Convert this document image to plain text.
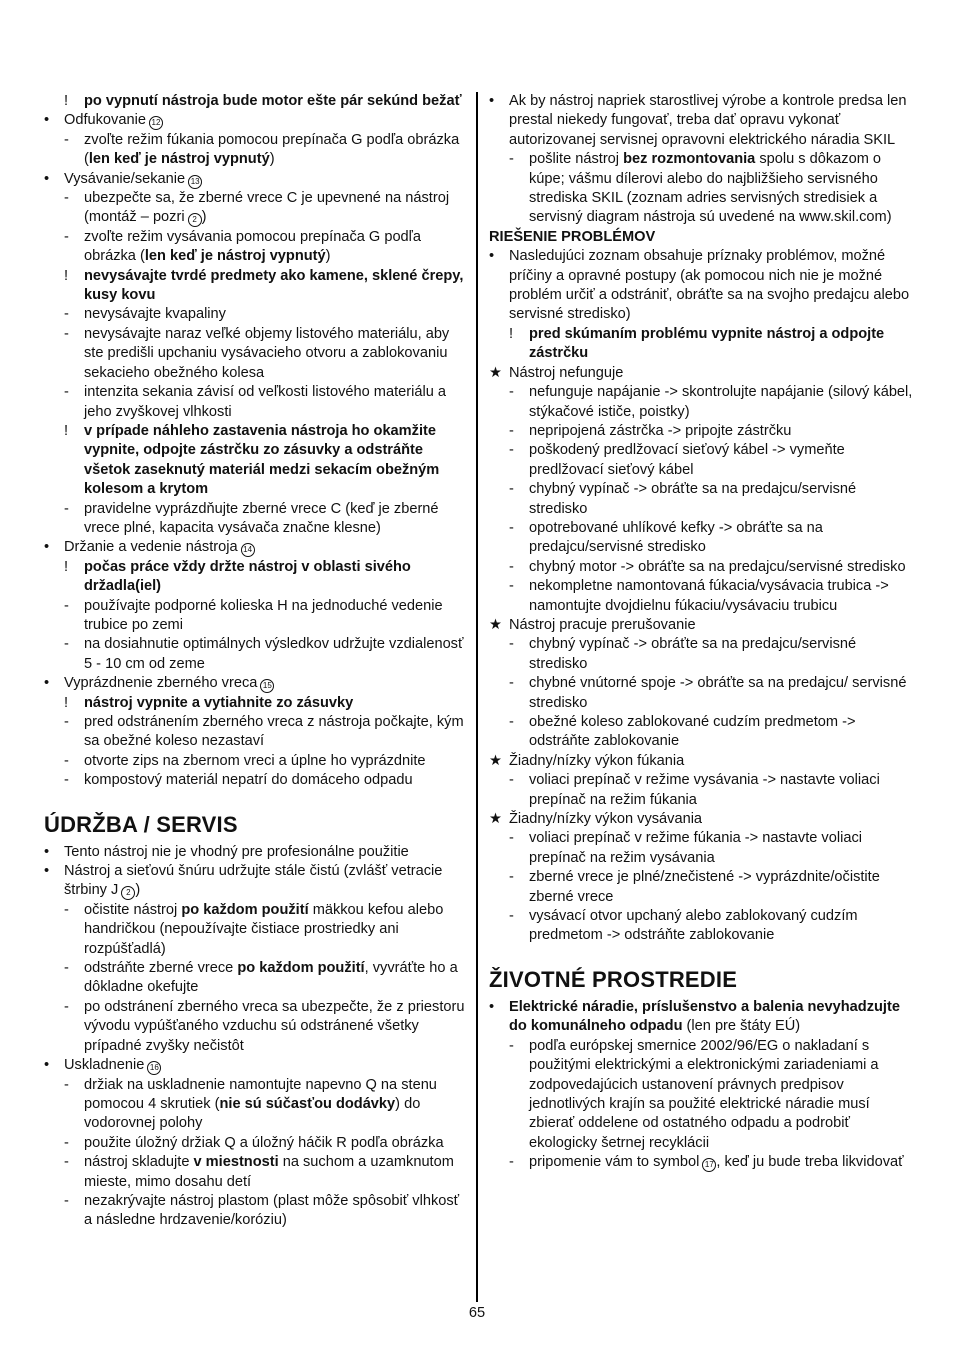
! po vypnutí nástroja bude motor ešte pár sekúnd bežať
• Odfukovanie 12
- zvoľte režim fúkania pomocou prepínača G podľa obrázka (len keď je nástroj vypnutý)
• Vysávanie/sekanie 13
- ubezpečte sa, že zberné vrece C je upevnené na nástroj (montáž – pozri 2 )
- zvoľte režim vysávania pomocou prepínača G podľa obrázka (len keď je nástroj vypnutý)
! nevysávajte tvrdé predmety ako kamene, sklené črepy, kusy kovu
- nevysávajte kvapaliny
- nevysávajte naraz veľké objemy listového materiálu, aby ste predišli upchaniu vysávacieho otvoru a zablokovaniu sekacieho obežného kolesa
- intenzita sekania závisí od veľkosti listového materiálu a jeho zvyškovej vlhkosti
! v prípade náhleho zastavenia nástroja ho okamžite vypnite, odpojte zástrčku zo zásuvky a odstráňte všetok zaseknutý materiál medzi sekacím obežným kolesom a krytom
- pravidelne vyprázdňujte zberné vrece C (keď je zberné vrece plné, kapacita vysávača značne klesne)
• Držanie a vedenie nástroja 14
! počas práce vždy držte nástroj v oblasti sivého držadla(iel)
- používajte podporné kolieska H na jednoduché vedenie trubice po zemi
- na dosiahnutie optimálnych výsledkov udržujte vzdialenosť 5 - 10 cm od zeme
• Vyprázdnenie zberného vreca 15
! nástroj vypnite a vytiahnite zo zásuvky
- pred odstránením zberného vreca z nástroja počkajte, kým sa obežné koleso nezastaví
- otvorte zips na zbernom vreci a úplne ho vyprázdnite
- kompostový materiál nepatrí do domáceho odpadu
ÚDRŽBA / SERVIS
• Tento nástroj nie je vhodný pre profesionálne použitie
• Nástroj a sieťovú šnúru udržujte stále čistú (zvlášť vetracie štrbiny J 2 )
- očistite nástroj po každom použití mäkkou kefou alebo handričkou (nepoužívajte čistiace prostriedky ani rozpúšťadlá)
- odstráňte zberné vrece po každom použití, vyvráťte ho a dôkladne okefujte
- po odstránení zberného vreca sa ubezpečte, že z priestoru vývodu vypúšťaného vzduchu sú odstránené všetky prípadné zvyšky nečistôt
• Uskladnenie 16
- držiak na uskladnenie namontujte napevno Q na stenu pomocou 4 skrutiek (nie sú súčasťou dodávky) do vodorovnej polohy
- použite úložný držiak Q a úložný háčik R podľa obrázka
- nástroj skladujte v miestnosti na suchom a uzamknutom mieste, mimo dosahu detí
- nezakrývajte nástroj plastom (plast môže spôsobiť vlhkosť a následne hrdzavenie/koróziu)
• Ak by nástroj napriek starostlivej výrobe a kontrole predsa len prestal niekedy fungovať, treba dať opravu vykonať autorizovanej servisnej opravovni elektrického náradia SKIL
- pošlite nástroj bez rozmontovania spolu s dôkazom o kúpe; vášmu dílerovi alebo do najbližšieho servisného strediska SKIL (zoznam adries servisných stredisiek a servisný diagram nástroja sú uvedené na www.skil.com)
RIEŠENIE PROBLÉMOV
• Nasledujúci zoznam obsahuje príznaky problémov, možné príčiny a opravné postupy (ak pomocou nich nie je možné problém určiť a odstrániť, obráťte sa na svojho predajcu alebo servisné stredisko)
! pred skúmaním problému vypnite nástroj a odpojte zástrčku
★ Nástroj nefunguje
- nefunguje napájanie -> skontrolujte napájanie (silový kábel, stýkačové ističe, poistky)
- nepripojená zástrčka -> pripojte zástrčku
- poškodený predlžovací sieťový kábel -> vymeňte predlžovací sieťový kábel
- chybný vypínač -> obráťte sa na predajcu/servisné stredisko
- opotrebované uhlíkové kefky -> obráťte sa na predajcu/servisné stredisko
- chybný motor -> obráťte sa na predajcu/servisné stredisko
- nekompletne namontovaná fúkacia/vysávacia trubica -> namontujte dvojdielnu fúkaciu/vysávaciu trubicu
★ Nástroj pracuje prerušovanie
- chybný vypínač -> obráťte sa na predajcu/servisné stredisko
- chybné vnútorné spoje -> obráťte sa na predajcu/ servisné stredisko
- obežné koleso zablokované cudzím predmetom -> odstráňte zablokovanie
★ Žiadny/nízky výkon fúkania
- voliaci prepínač v režime vysávania -> nastavte voliaci prepínač na režim fúkania
★ Žiadny/nízky výkon vysávania
- voliaci prepínač v režime fúkania -> nastavte voliaci prepínač na režim vysávania
- zberné vrece je plné/znečistené -> vyprázdnite/očistite zberné vrece
- vysávací otvor upchaný alebo zablokovaný cudzím predmetom -> odstráňte zablokovanie
ŽIVOTNÉ PROSTREDIE
• Elektrické náradie, príslušenstvo a balenia nevyhadzujte do komunálneho odpadu (len pre štáty EÚ)
- podľa európskej smernice 2002/96/EG o nakladaní s použitými elektrickými a elektronickými zariadeniami a zodpovedajúcich ustanovení právnych predpisov jednotlivých krajín sa použité elektrické náradie musí zbierať oddelene od ostatného odpadu a podrobiť ekologicky šetrnej recyklácii
- pripomenie vám to symbol 17 , keď ju bude treba likvidovať
65
